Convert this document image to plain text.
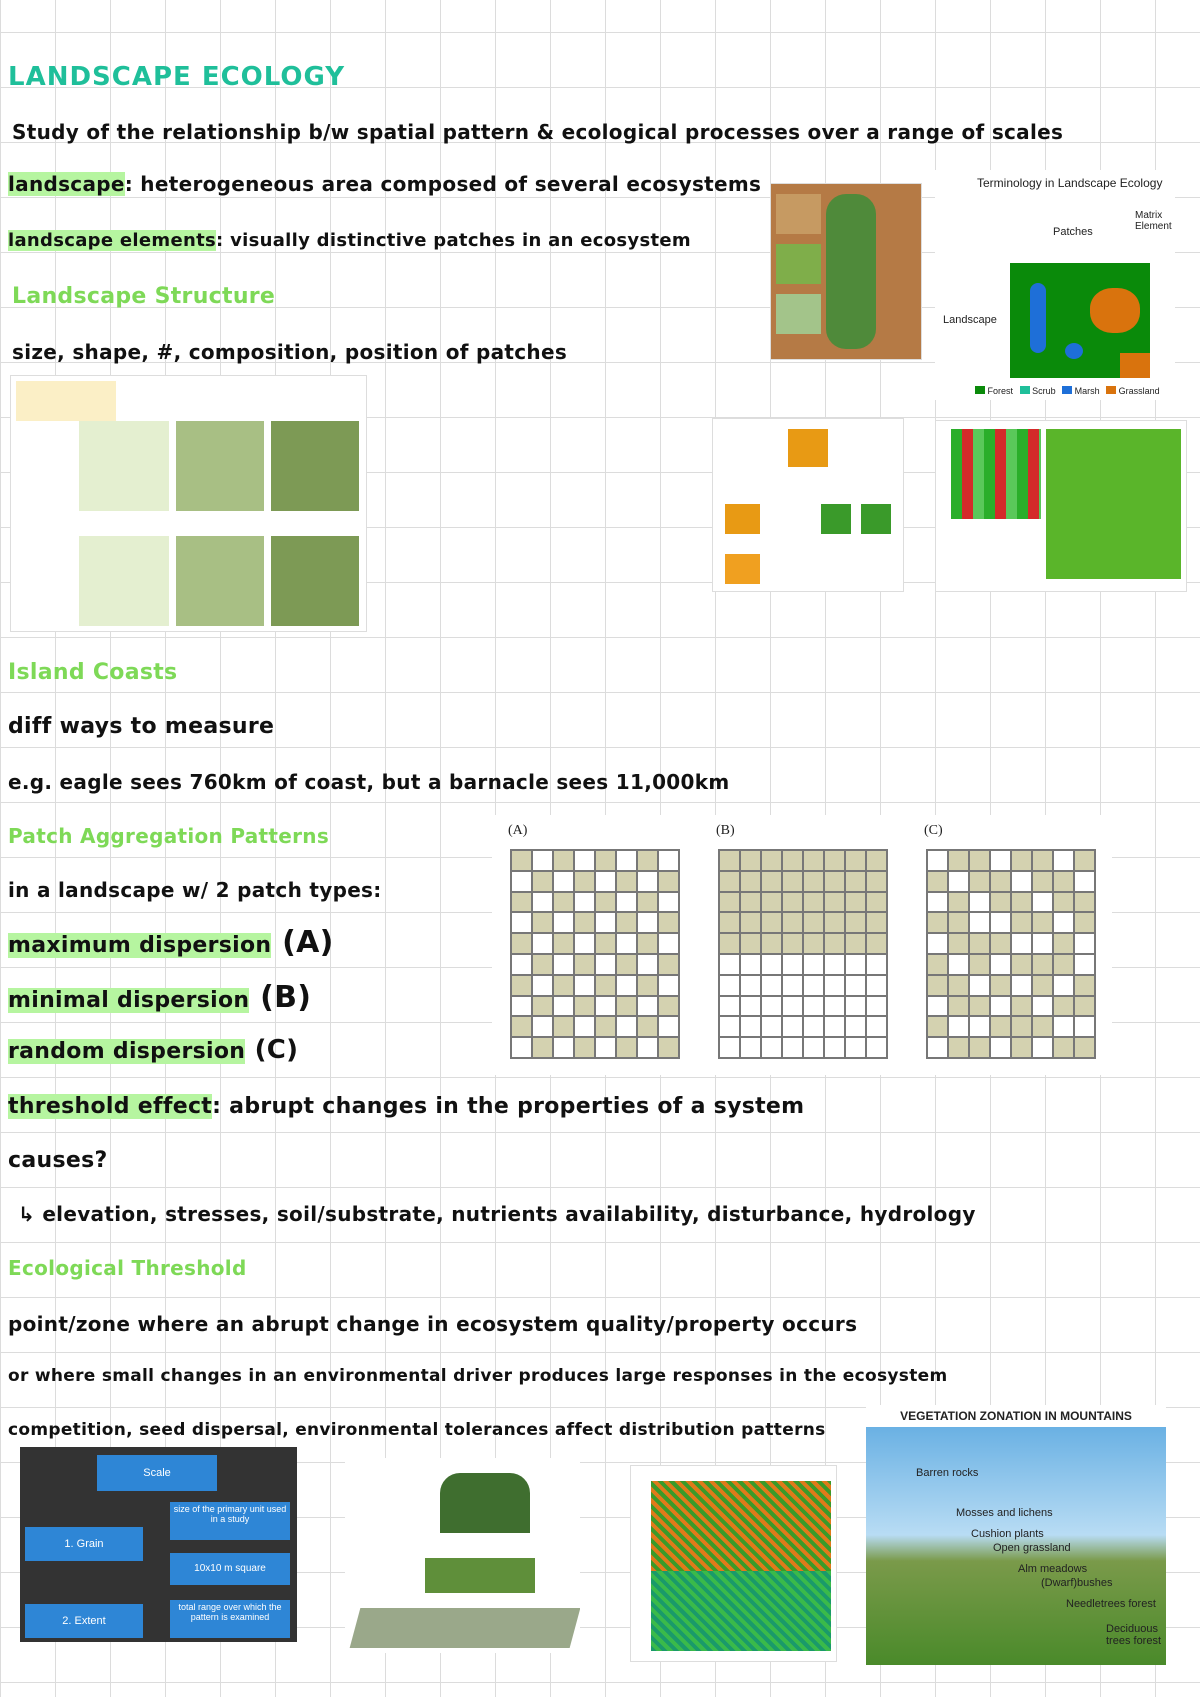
LANDSCAPE ECOLOGY
Study of the relationship b/w spatial pattern & ecological processes over a range of scales
landscape: heterogeneous area composed of several ecosystems
landscape elements: visually distinctive patches in an ecosystem
Landscape Structure
size, shape, #, composition, position of patches
Terminology in Landscape Ecology
Patches
Matrix Element
Landscape
Forest Scrub Marsh Grassland
Island Coasts
diff ways to measure
e.g. eagle sees 760km of coast, but a barnacle sees 11,000km
Patch Aggregation Patterns
in a landscape w/ 2 patch types:
maximum dispersion (A)
minimal dispersion (B)
random dispersion (C)
(A)	(B)	(C)
threshold effect: abrupt changes in the properties of a system
causes?
↳ elevation, stresses, soil/substrate, nutrients availability, disturbance, hydrology
Ecological Threshold
point/zone where an abrupt change in ecosystem quality/property occurs
or where small changes in an environmental driver produces large responses in the ecosystem
competition, seed dispersal, environmental tolerances affect distribution patterns
Scale
1. Grain
size of the primary unit used in a study
10x10 m square
2. Extent
total range over which the pattern is examined
VEGETATION ZONATION IN MOUNTAINS
Barren rocks
Mosses and lichens
Cushion plants
Open grassland
Alm meadows
(Dwarf)bushes
Needletrees forest
Deciduous trees forest
